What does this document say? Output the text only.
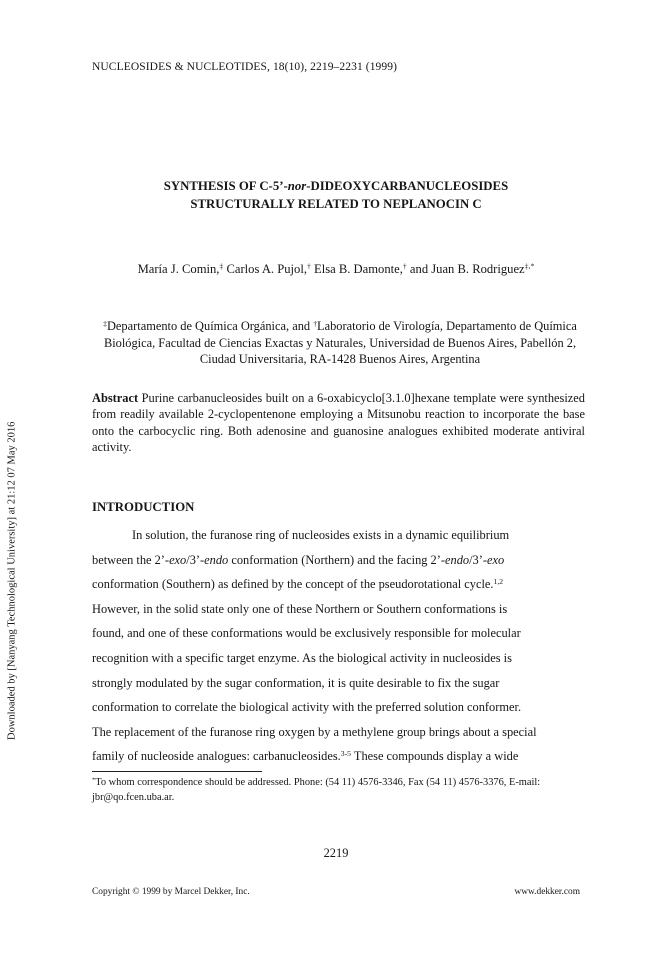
Downloaded by [Nanyang Technological University] at 21:12 07 May 2016
NUCLEOSIDES & NUCLEOTIDES, 18(10), 2219–2231 (1999)
SYNTHESIS OF C-5’-nor-DIDEOXYCARBANUCLEOSIDES
STRUCTURALLY RELATED TO NEPLANOCIN C
María J. Comin,‡ Carlos A. Pujol,† Elsa B. Damonte,† and Juan B. Rodriguez‡,*
‡Departamento de Química Orgánica, and †Laboratorio de Virología, Departamento de Química Biológica, Facultad de Ciencias Exactas y Naturales, Universidad de Buenos Aires, Pabellón 2, Ciudad Universitaria, RA-1428 Buenos Aires, Argentina
Abstract Purine carbanucleosides built on a 6-oxabicyclo[3.1.0]hexane template were synthesized from readily available 2-cyclopentenone employing a Mitsunobu reaction to incorporate the base onto the carbocyclic ring. Both adenosine and guanosine analogues exhibited moderate antiviral activity.
INTRODUCTION
In solution, the furanose ring of nucleosides exists in a dynamic equilibrium
between the 2’-exo/3’-endo conformation (Northern) and the facing 2’-endo/3’-exo
conformation (Southern) as defined by the concept of the pseudorotational cycle.$^{1,2}$
However, in the solid state only one of these Northern or Southern conformations is
found, and one of these conformations would be exclusively responsible for molecular
recognition with a specific target enzyme. As the biological activity in nucleosides is
strongly modulated by the sugar conformation, it is quite desirable to fix the sugar
conformation to correlate the biological activity with the preferred solution conformer.
The replacement of the furanose ring oxygen by a methylene group brings about a special
family of nucleoside analogues: carbanucleosides.$^{3-5}$ These compounds display a wide
*To whom correspondence should be addressed. Phone: (54 11) 4576-3346, Fax (54 11) 4576-3376, E-mail: jbr@qo.fcen.uba.ar.
2219
Copyright © 1999 by Marcel Dekker, Inc.	www.dekker.com
